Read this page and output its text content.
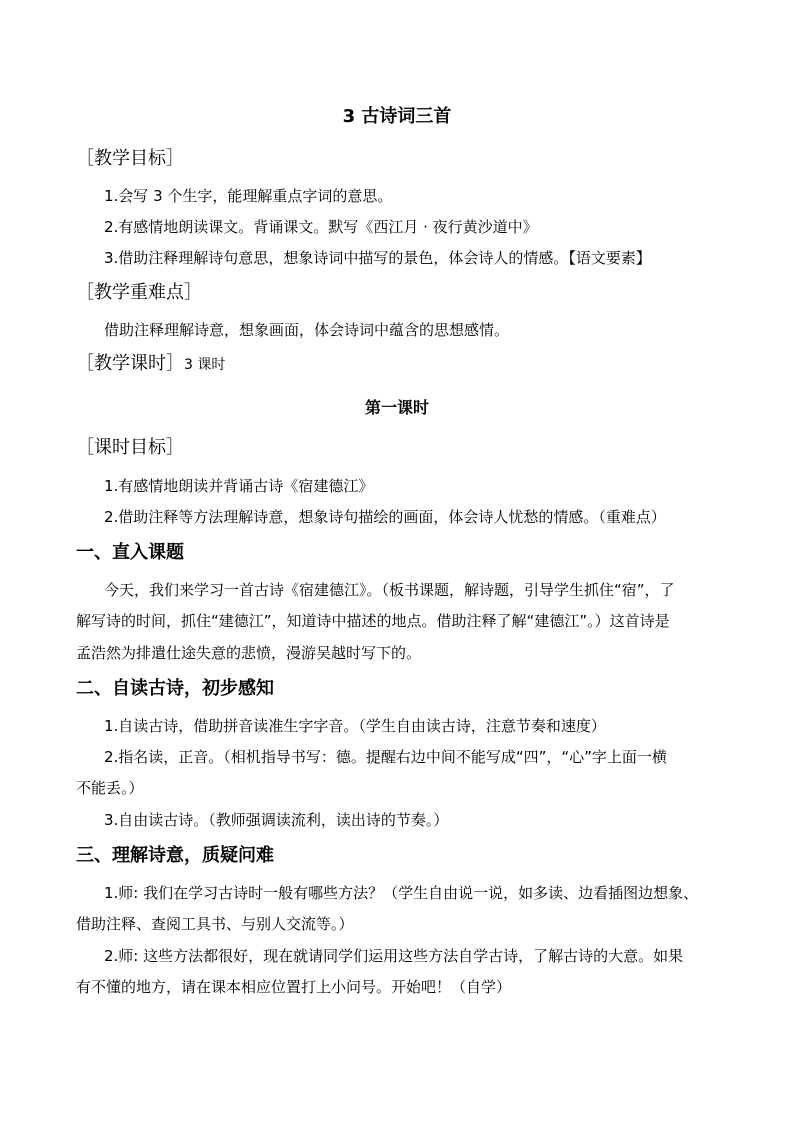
3 古诗词三首
［教学目标］
1.会写 3 个生字，能理解重点字词的意思。
2.有感情地朗读课文。背诵课文。默写《西江月 · 夜行黄沙道中》
3.借助注释理解诗句意思，想象诗词中描写的景色，体会诗人的情感。【语文要素】
［教学重难点］
借助注释理解诗意，想象画面，体会诗词中蕴含的思想感情。
［教学课时］3 课时
第一课时
［课时目标］
1.有感情地朗读并背诵古诗《宿建德江》
2.借助注释等方法理解诗意，想象诗句描绘的画面，体会诗人忧愁的情感。（重难点）
一、直入课题
今天，我们来学习一首古诗《宿建德江》。（板书课题，解诗题，引导学生抓住“宿”，了
解写诗的时间，抓住“建德江”，知道诗中描述的地点。借助注释了解“建德江”。）这首诗是
孟浩然为排遣仕途失意的悲愤，漫游吴越时写下的。
二、自读古诗，初步感知
1.自读古诗，借助拼音读准生字字音。（学生自由读古诗，注意节奏和速度）
2.指名读，正音。（相机指导书写：德。提醒右边中间不能写成“四”，“心”字上面一横
不能丢。）
3.自由读古诗。（教师强调读流利，读出诗的节奏。）
三、理解诗意，质疑问难
1.师: 我们在学习古诗时一般有哪些方法？（学生自由说一说，如多读、边看插图边想象、
借助注释、查阅工具书、与别人交流等。）
2.师: 这些方法都很好，现在就请同学们运用这些方法自学古诗，了解古诗的大意。如果
有不懂的地方，请在课本相应位置打上小问号。开始吧！（自学）
